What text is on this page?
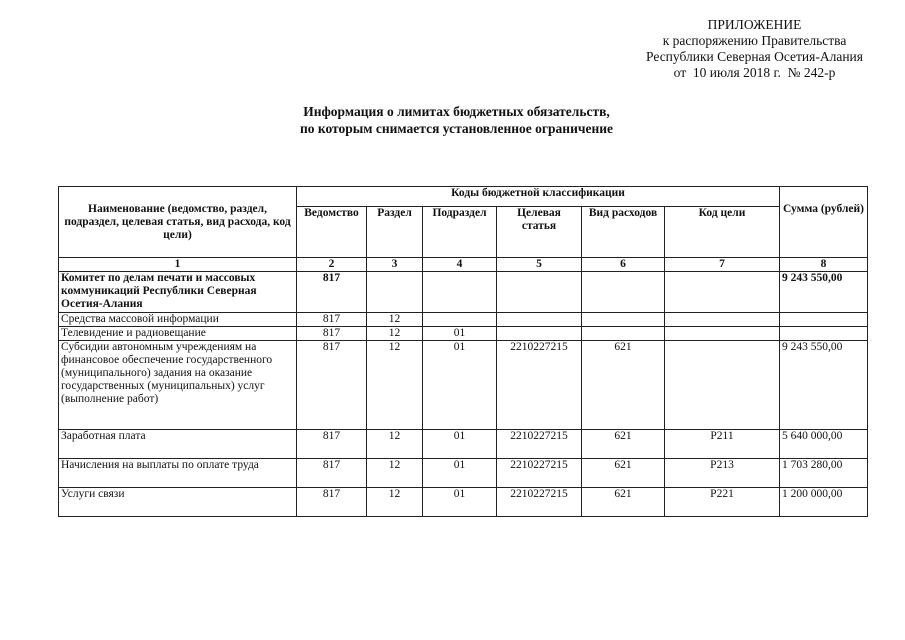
ПРИЛОЖЕНИЕ
к распоряжению Правительства
Республики Северная Осетия-Алания
от  10 июля 2018 г.  № 242-р
Информация о лимитах бюджетных обязательств,
по которым снимается установленное ограничение
Наименование (ведомство, раздел, подраздел, целевая статья, вид расхода, код цели)	Коды бюджетной классификации						Сумма (рублей)
	Ведомство	Раздел	Подраздел	Целевая статья	Вид расходов	Код цели	
1	2	3	4	5	6	7	8
Комитет по делам печати и массовых коммуникаций Республики Северная Осетия-Алания	817						9 243 550,00
Средства массовой информации	817	12					
Телевидение и радиовещание	817	12	01				
Субсидии автономным учреждениям на финансовое обеспечение государственного (муниципального) задания на оказание государственных (муниципальных) услуг (выполнение работ)	817	12	01	2210227215	621		9 243 550,00
Заработная плата	817	12	01	2210227215	621	Р211	5 640 000,00
Начисления на выплаты по оплате труда	817	12	01	2210227215	621	Р213	1 703 280,00
Услуги связи	817	12	01	2210227215	621	Р221	1 200 000,00
